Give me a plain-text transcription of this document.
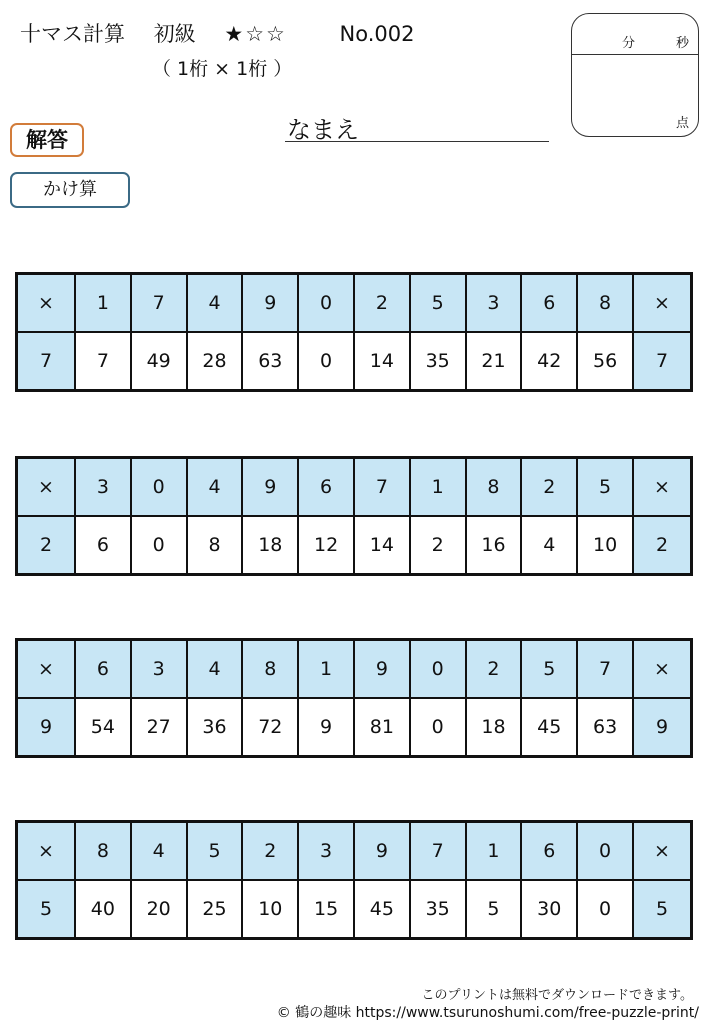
十マス計算 初級 ★☆☆	No.002
（ 1桁 × 1桁 ）
分	秒
点
解答
かけ算
なまえ
×	1	7	4	9	0	2	5	3	6	8	×
7	7	49	28	63	0	14	35	21	42	56	7
×	3	0	4	9	6	7	1	8	2	5	×
2	6	0	8	18	12	14	2	16	4	10	2
×	6	3	4	8	1	9	0	2	5	7	×
9	54	27	36	72	9	81	0	18	45	63	9
×	8	4	5	2	3	9	7	1	6	0	×
5	40	20	25	10	15	45	35	5	30	0	5
このプリントは無料でダウンロードできます。
© 鶴の趣味 https://www.tsurunoshumi.com/free-puzzle-print/
